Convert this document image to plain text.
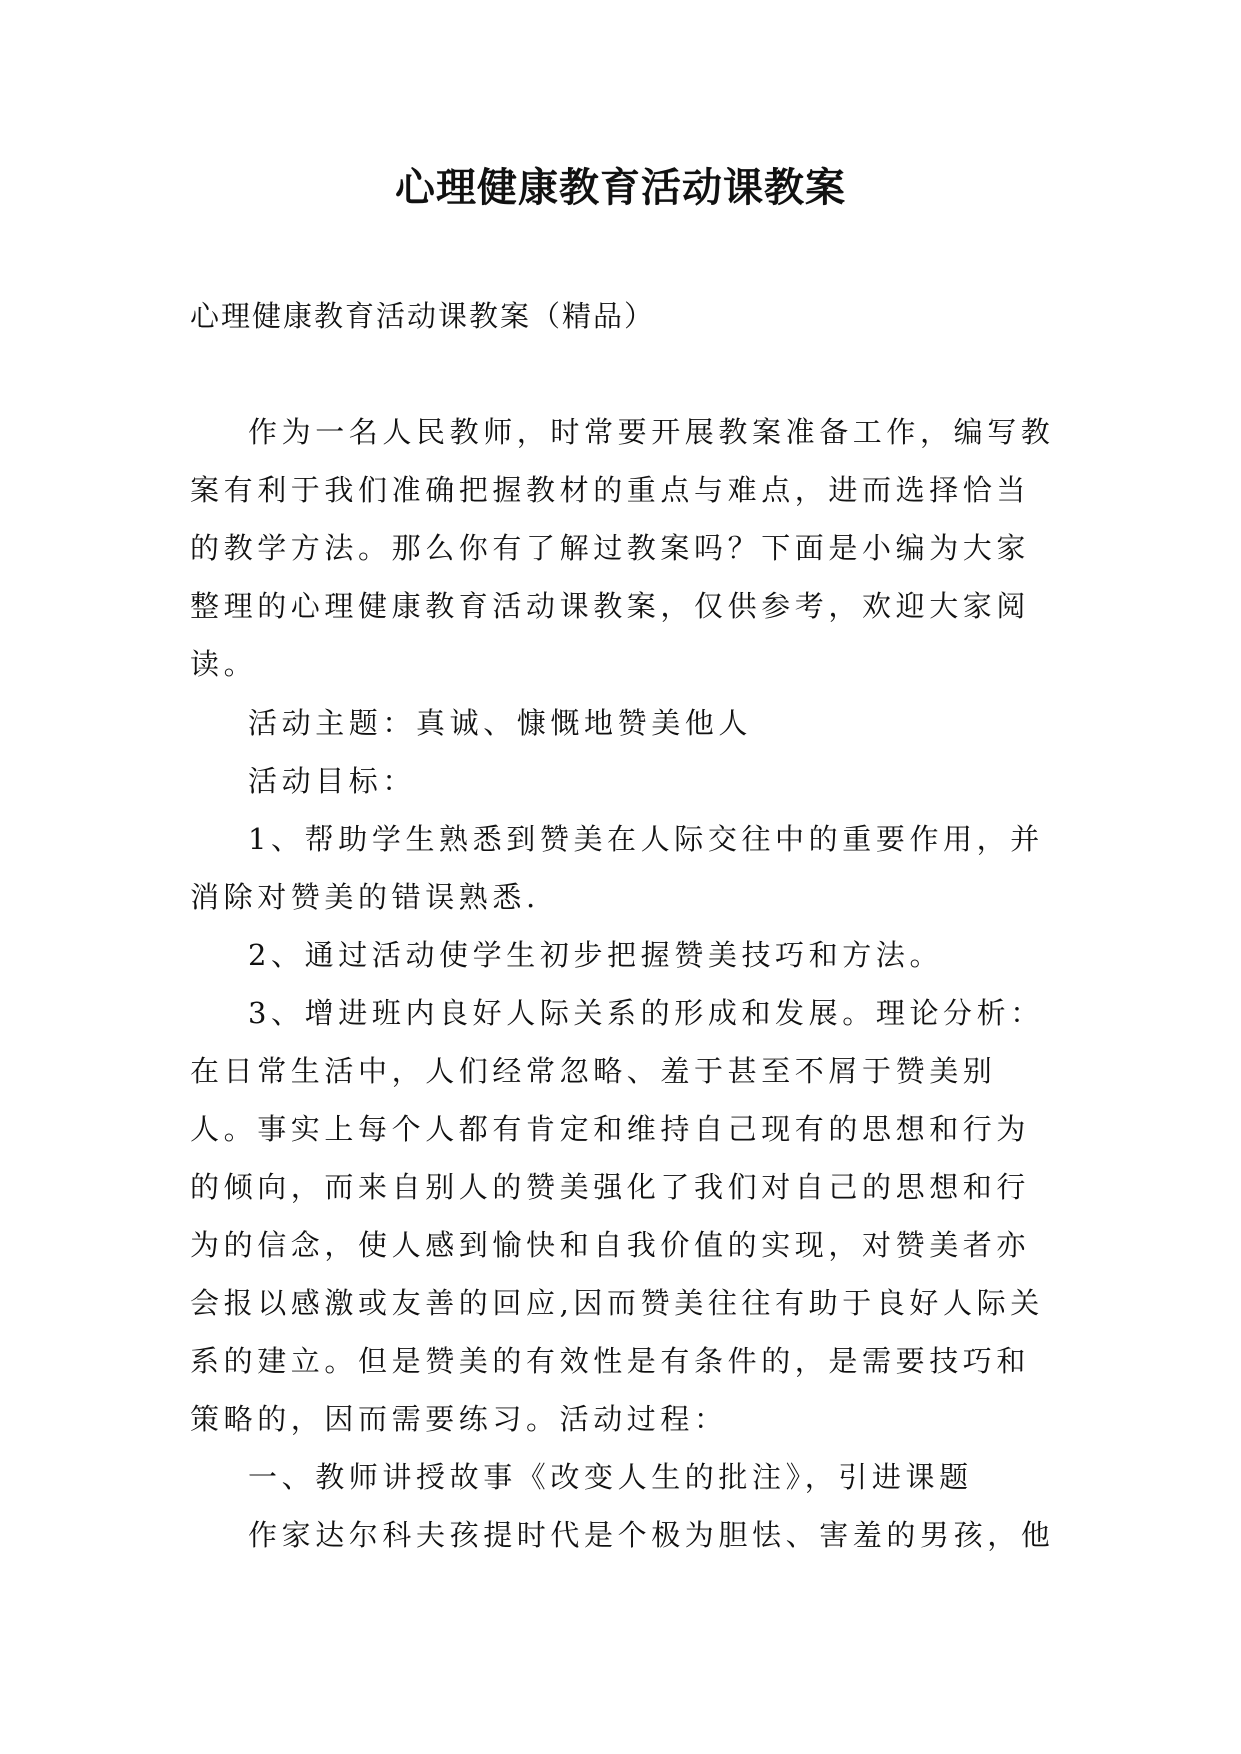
心理健康教育活动课教案
心理健康教育活动课教案（精品）

作为一名人民教师，时常要开展教案准备工作，编写教案有利于我们准确把握教材的重点与难点，进而选择恰当的教学方法。那么你有了解过教案吗？下面是小编为大家整理的心理健康教育活动课教案，仅供参考，欢迎大家阅读。

活动主题：真诚、慷慨地赞美他人

活动目标：

1、帮助学生熟悉到赞美在人际交往中的重要作用，并消除对赞美的错误熟悉.

2、通过活动使学生初步把握赞美技巧和方法。

3、增进班内良好人际关系的形成和发展。理论分析：在日常生活中，人们经常忽略、羞于甚至不屑于赞美别人。事实上每个人都有肯定和维持自己现有的思想和行为的倾向，而来自别人的赞美强化了我们对自己的思想和行为的信念，使人感到愉快和自我价值的实现，对赞美者亦会报以感激或友善的回应,因而赞美往往有助于良好人际关系的建立。但是赞美的有效性是有条件的，是需要技巧和策略的，因而需要练习。活动过程：

一、教师讲授故事《改变人生的批注》，引进课题

作家达尔科夫孩提时代是个极为胆怯、害羞的男孩，他
